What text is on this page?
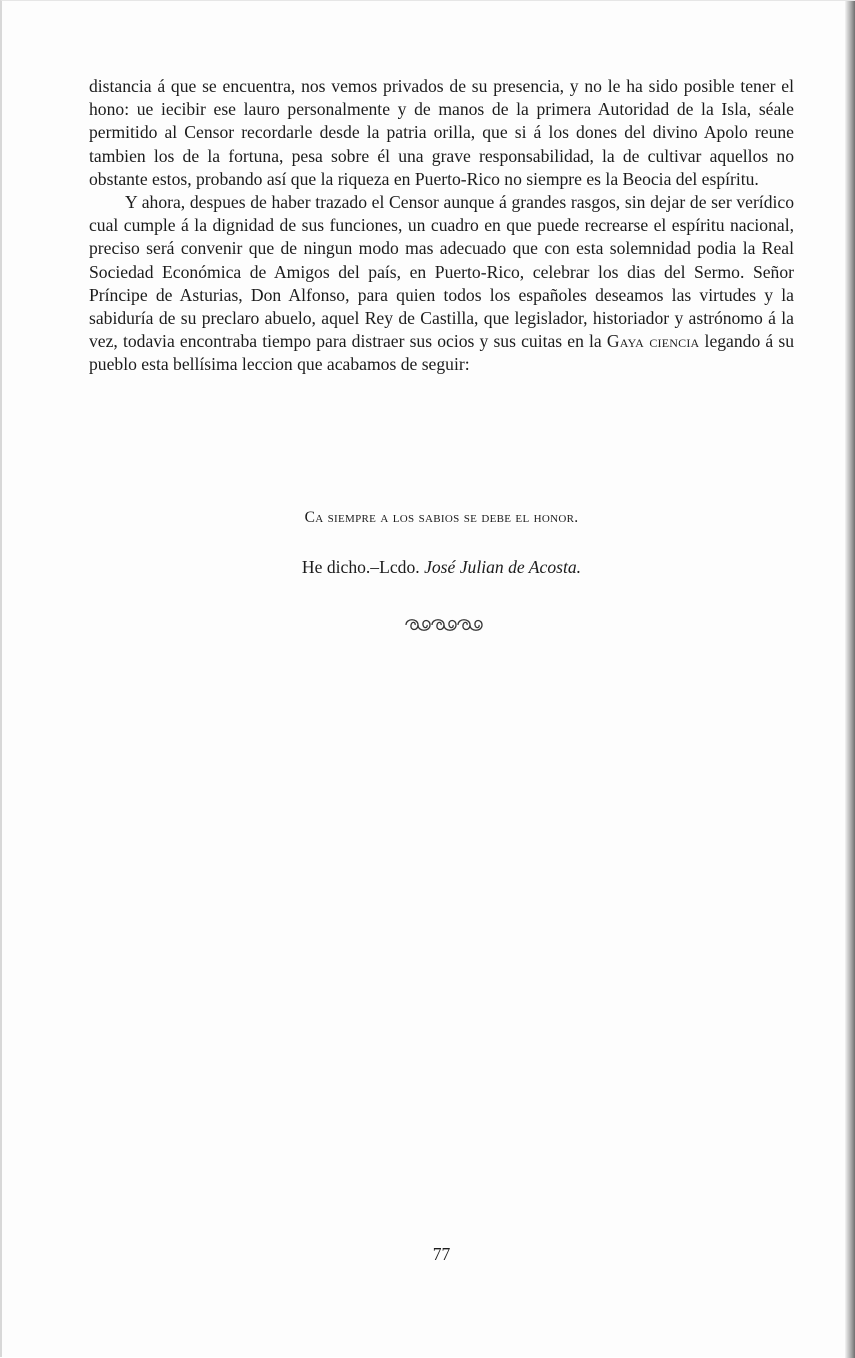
distancia á que se encuentra, nos vemos privados de su presencia, y no le ha sido posible tener el hono: ue iecibir ese lauro personalmente y de manos de la primera Autoridad de la Isla, séale permitido al Censor recordarle desde la patria orilla, que si á los dones del divino Apolo reune tambien los de la fortuna, pesa sobre él una grave responsabilidad, la de cultivar aquellos no obstante estos, probando así que la riqueza en Puerto-Rico no siempre es la Beocia del espíritu.

Y ahora, despues de haber trazado el Censor aunque á grandes rasgos, sin dejar de ser verídico cual cumple á la dignidad de sus funciones, un cuadro en que puede recrearse el espíritu nacional, preciso será convenir que de ningun modo mas adecuado que con esta solemnidad podia la Real Sociedad Económica de Amigos del país, en Puerto-Rico, celebrar los dias del Sermo. Señor Príncipe de Asturias, Don Alfonso, para quien todos los españoles deseamos las virtudes y la sabiduría de su preclaro abuelo, aquel Rey de Castilla, que legislador, historiador y astrónomo á la vez, todavia encontraba tiempo para distraer sus ocios y sus cuitas en la Gaya ciencia legando á su pueblo esta bellísima leccion que acabamos de seguir:

Ca siempre a los sabios se debe el honor.
He dicho.–Lcdo. José Julian de Acosta.
77
